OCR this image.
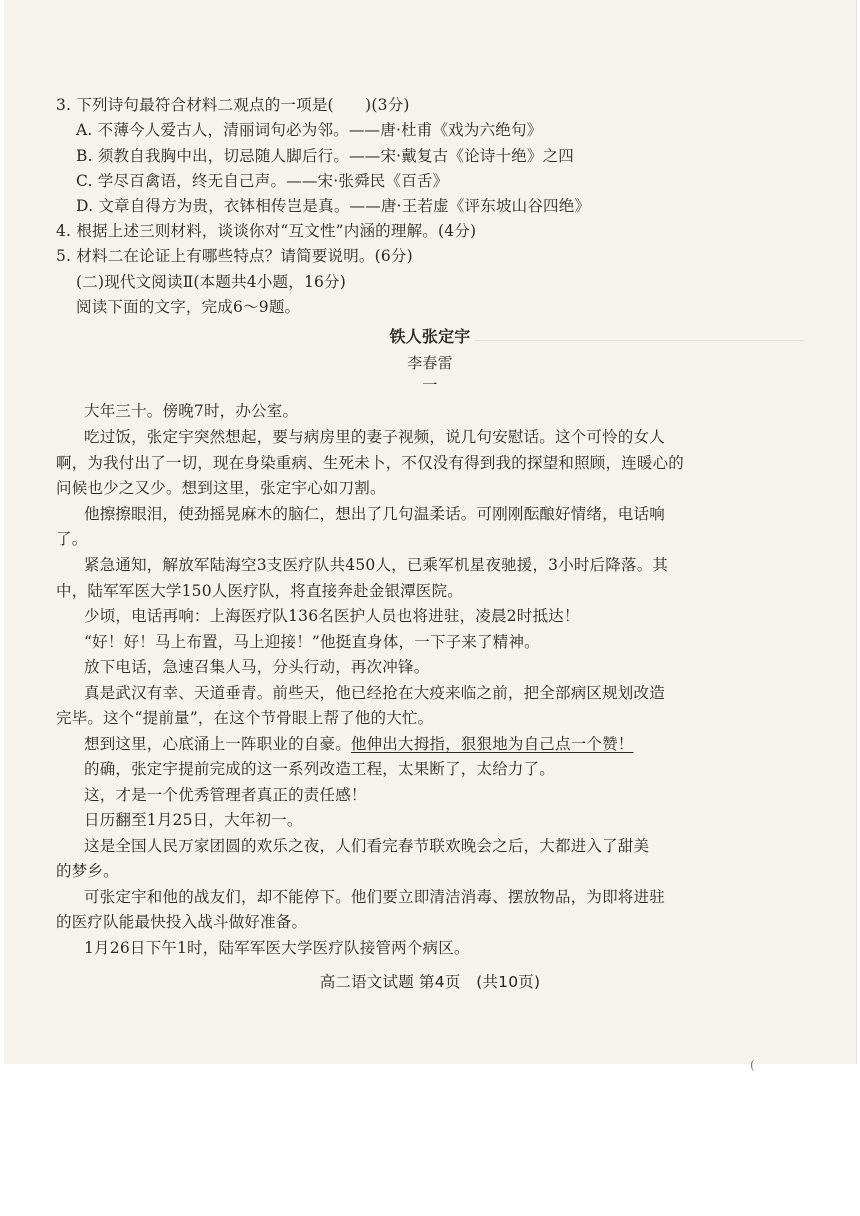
3. 下列诗句最符合材料二观点的一项是(　　)(3分)
A. 不薄今人爱古人，清丽词句必为邻。——唐·杜甫《戏为六绝句》
B. 须教自我胸中出，切忌随人脚后行。——宋·戴复古《论诗十绝》之四
C. 学尽百禽语，终无自己声。——宋·张舜民《百舌》
D. 文章自得方为贵，衣钵相传岂是真。——唐·王若虚《评东坡山谷四绝》
4. 根据上述三则材料，谈谈你对“互文性”内涵的理解。(4分)
5. 材料二在论证上有哪些特点？请简要说明。(6分)
(二)现代文阅读Ⅱ(本题共4小题，16分)
阅读下面的文字，完成6～9题。
铁人张定宇
李春雷
一
大年三十。傍晚7时，办公室。
吃过饭，张定宇突然想起，要与病房里的妻子视频，说几句安慰话。这个可怜的女人
啊，为我付出了一切，现在身染重病、生死未卜，不仅没有得到我的探望和照顾，连暖心的
问候也少之又少。想到这里，张定宇心如刀割。
他擦擦眼泪，使劲摇晃麻木的脑仁，想出了几句温柔话。可刚刚酝酿好情绪，电话响
了。
紧急通知，解放军陆海空3支医疗队共450人，已乘军机星夜驰援，3小时后降落。其
中，陆军军医大学150人医疗队，将直接奔赴金银潭医院。
少顷，电话再响：上海医疗队136名医护人员也将进驻，凌晨2时抵达！
“好！好！马上布置，马上迎接！”他挺直身体，一下子来了精神。
放下电话，急速召集人马，分头行动，再次冲锋。
真是武汉有幸、天道垂青。前些天，他已经抢在大疫来临之前，把全部病区规划改造
完毕。这个“提前量”，在这个节骨眼上帮了他的大忙。
想到这里，心底涌上一阵职业的自豪。他伸出大拇指，狠狠地为自己点一个赞！
的确，张定宇提前完成的这一系列改造工程，太果断了，太给力了。
这，才是一个优秀管理者真正的责任感！
日历翻至1月25日，大年初一。
这是全国人民万家团圆的欢乐之夜，人们看完春节联欢晚会之后，大都进入了甜美
的梦乡。
可张定宇和他的战友们，却不能停下。他们要立即清洁消毒、摆放物品，为即将进驻
的医疗队能最快投入战斗做好准备。
1月26日下午1时，陆军军医大学医疗队接管两个病区。
高二语文试题 第4页　(共10页)
(
